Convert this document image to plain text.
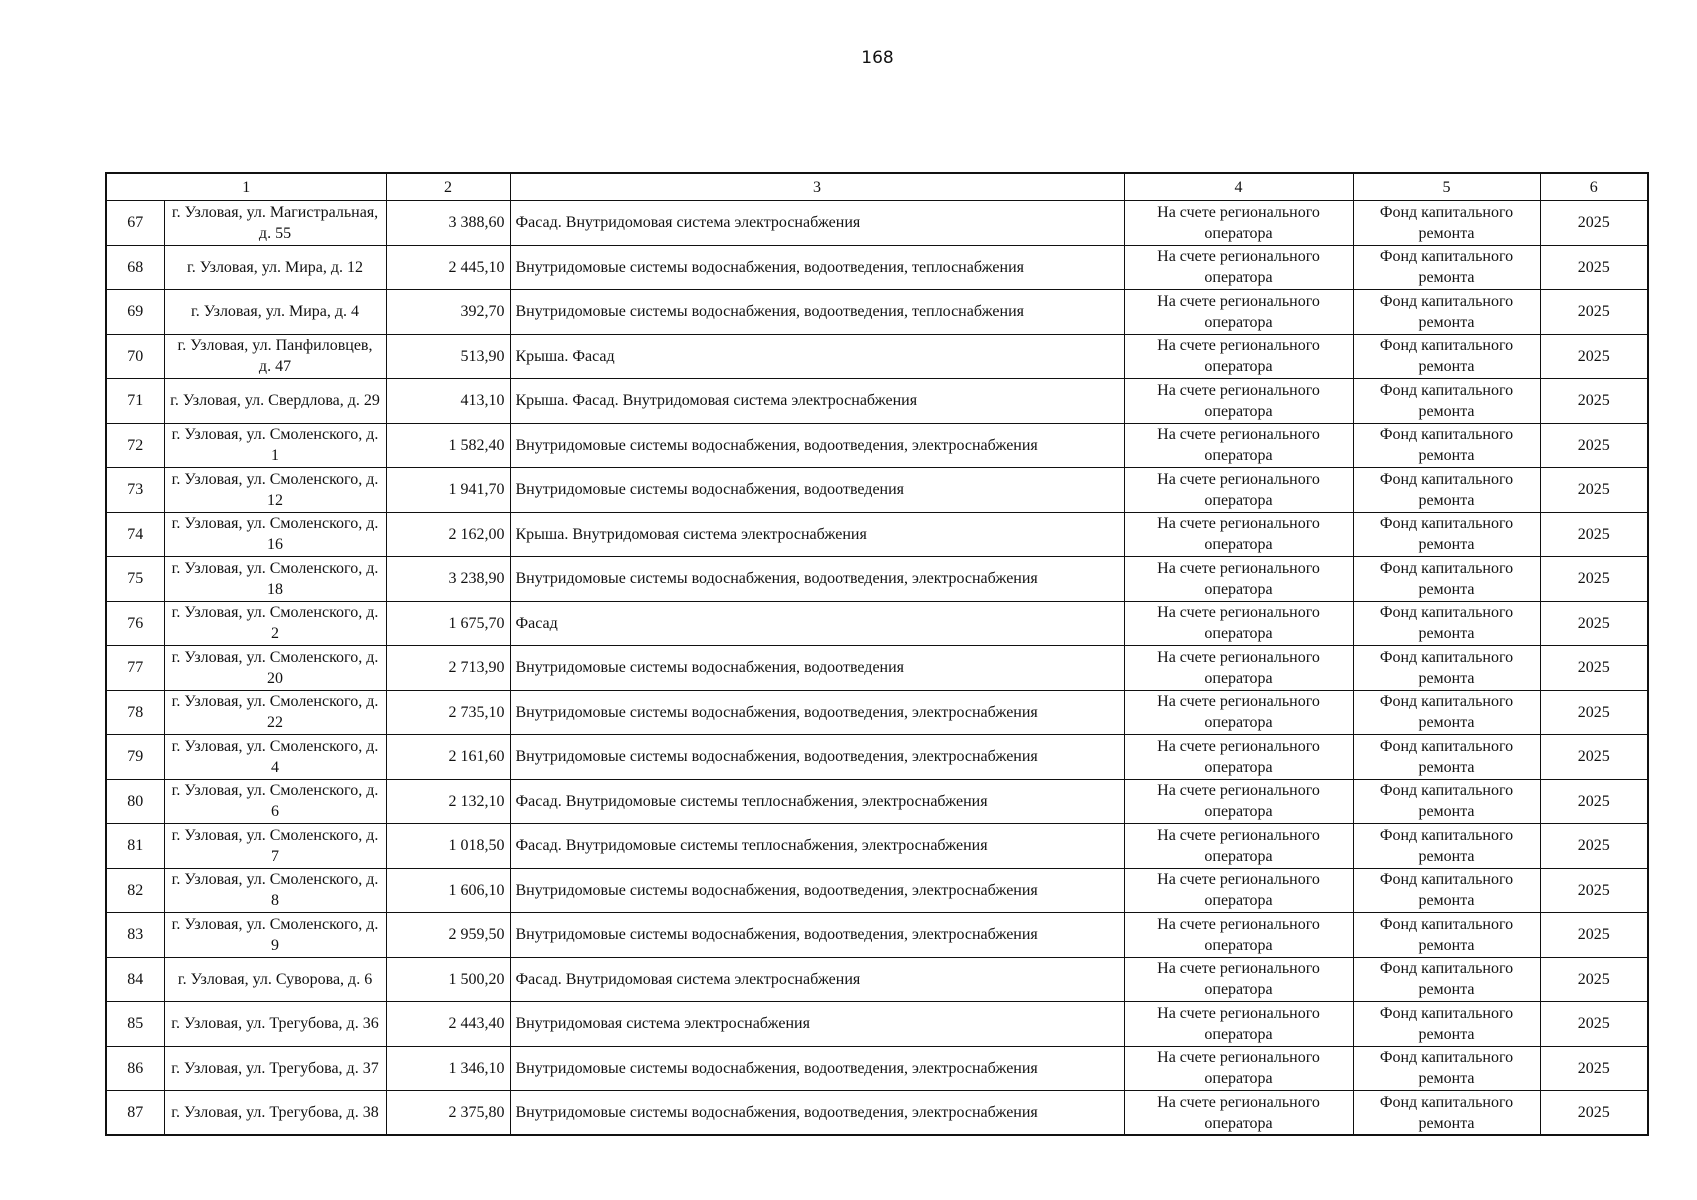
168
1		2	3	4	5	6
67	г. Узловая, ул. Магистральная, д. 55	3 388,60	Фасад. Внутридомовая система электроснабжения	На счете регионального оператора	Фонд капитального ремонта	2025
68	г. Узловая, ул. Мира, д. 12	2 445,10	Внутридомовые системы водоснабжения, водоотведения, теплоснабжения	На счете регионального оператора	Фонд капитального ремонта	2025
69	г. Узловая, ул. Мира, д. 4	392,70	Внутридомовые системы водоснабжения, водоотведения, теплоснабжения	На счете регионального оператора	Фонд капитального ремонта	2025
70	г. Узловая, ул. Панфиловцев, д. 47	513,90	Крыша. Фасад	На счете регионального оператора	Фонд капитального ремонта	2025
71	г. Узловая, ул. Свердлова, д. 29	413,10	Крыша. Фасад. Внутридомовая система электроснабжения	На счете регионального оператора	Фонд капитального ремонта	2025
72	г. Узловая, ул. Смоленского, д. 1	1 582,40	Внутридомовые системы водоснабжения, водоотведения, электроснабжения	На счете регионального оператора	Фонд капитального ремонта	2025
73	г. Узловая, ул. Смоленского, д. 12	1 941,70	Внутридомовые системы водоснабжения, водоотведения	На счете регионального оператора	Фонд капитального ремонта	2025
74	г. Узловая, ул. Смоленского, д. 16	2 162,00	Крыша. Внутридомовая система электроснабжения	На счете регионального оператора	Фонд капитального ремонта	2025
75	г. Узловая, ул. Смоленского, д. 18	3 238,90	Внутридомовые системы водоснабжения, водоотведения, электроснабжения	На счете регионального оператора	Фонд капитального ремонта	2025
76	г. Узловая, ул. Смоленского, д. 2	1 675,70	Фасад	На счете регионального оператора	Фонд капитального ремонта	2025
77	г. Узловая, ул. Смоленского, д. 20	2 713,90	Внутридомовые системы водоснабжения, водоотведения	На счете регионального оператора	Фонд капитального ремонта	2025
78	г. Узловая, ул. Смоленского, д. 22	2 735,10	Внутридомовые системы водоснабжения, водоотведения, электроснабжения	На счете регионального оператора	Фонд капитального ремонта	2025
79	г. Узловая, ул. Смоленского, д. 4	2 161,60	Внутридомовые системы водоснабжения, водоотведения, электроснабжения	На счете регионального оператора	Фонд капитального ремонта	2025
80	г. Узловая, ул. Смоленского, д. 6	2 132,10	Фасад. Внутридомовые системы теплоснабжения, электроснабжения	На счете регионального оператора	Фонд капитального ремонта	2025
81	г. Узловая, ул. Смоленского, д. 7	1 018,50	Фасад. Внутридомовые системы теплоснабжения, электроснабжения	На счете регионального оператора	Фонд капитального ремонта	2025
82	г. Узловая, ул. Смоленского, д. 8	1 606,10	Внутридомовые системы водоснабжения, водоотведения, электроснабжения	На счете регионального оператора	Фонд капитального ремонта	2025
83	г. Узловая, ул. Смоленского, д. 9	2 959,50	Внутридомовые системы водоснабжения, водоотведения, электроснабжения	На счете регионального оператора	Фонд капитального ремонта	2025
84	г. Узловая, ул. Суворова, д. 6	1 500,20	Фасад. Внутридомовая система электроснабжения	На счете регионального оператора	Фонд капитального ремонта	2025
85	г. Узловая, ул. Трегубова, д. 36	2 443,40	Внутридомовая система электроснабжения	На счете регионального оператора	Фонд капитального ремонта	2025
86	г. Узловая, ул. Трегубова, д. 37	1 346,10	Внутридомовые системы водоснабжения, водоотведения, электроснабжения	На счете регионального оператора	Фонд капитального ремонта	2025
87	г. Узловая, ул. Трегубова, д. 38	2 375,80	Внутридомовые системы водоснабжения, водоотведения, электроснабжения	На счете регионального оператора	Фонд капитального ремонта	2025
